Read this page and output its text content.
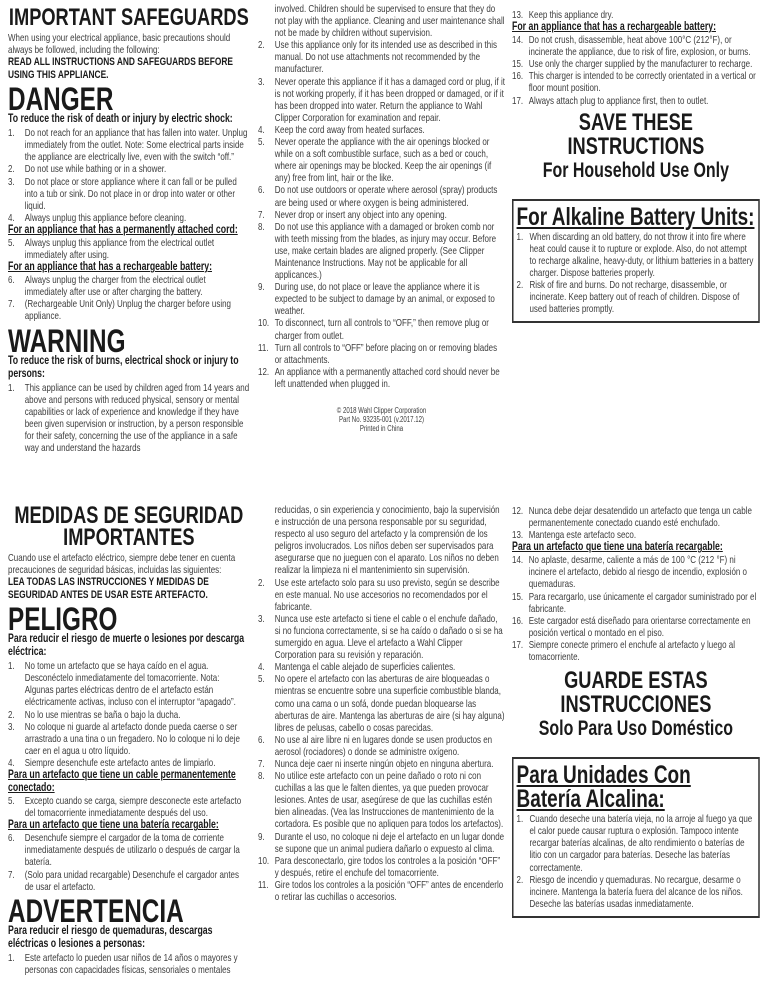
IMPORTANT SAFEGUARDS
When using your electrical appliance, basic precautions should always be followed, including the following:
READ ALL INSTRUCTIONS AND SAFEGUARDS BEFORE USING THIS APPLIANCE.
DANGER
To reduce the risk of death or injury by electric shock:
1. Do not reach for an appliance that has fallen into water. Unplug immediately from the outlet. Note: Some electrical parts inside the appliance are electrically live, even with the switch “off.”
2. Do not use while bathing or in a shower.
3. Do not place or store appliance where it can fall or be pulled into a tub or sink. Do not place in or drop into water or other liquid.
4. Always unplug this appliance before cleaning.
For an appliance that has a permanently attached cord:
5. Always unplug this appliance from the electrical outlet immediately after using.
For an appliance that has a rechargeable battery:
6. Always unplug the charger from the electrical outlet immediately after use or after charging the battery.
7. (Rechargeable Unit Only) Unplug the charger before using appliance.
WARNING
To reduce the risk of burns, electrical shock or injury to persons:
1. This appliance can be used by children aged from 14 years and above and persons with reduced physical, sensory or mental capabilities or lack of experience and knowledge if they have been given supervision or instruction, by a person responsible for their safety, concerning the use of the appliance in a safe way and understand the hazards
involved. Children should be supervised to ensure that they do not play with the appliance. Cleaning and user maintenance shall not be made by children without supervision.
2. Use this appliance only for its intended use as described in this manual. Do not use attachments not recommended by the manufacturer.
3. Never operate this appliance if it has a damaged cord or plug, if it is not working properly, if it has been dropped or damaged, or if it has been dropped into water. Return the appliance to Wahl Clipper Corporation for examination and repair.
4. Keep the cord away from heated surfaces.
5. Never operate the appliance with the air openings blocked or while on a soft combustible surface, such as a bed or couch, where air openings may be blocked. Keep the air openings (if any) free from lint, hair or the like.
6. Do not use outdoors or operate where aerosol (spray) products are being used or where oxygen is being administered.
7. Never drop or insert any object into any opening.
8. Do not use this appliance with a damaged or broken comb nor with teeth missing from the blades, as injury may occur. Before use, make certain blades are aligned properly. (See Clipper Maintenance Instructions. May not be applicable for all applicances.)
9. During use, do not place or leave the appliance where it is expected to be subject to damage by an animal, or exposed to weather.
10. To disconnect, turn all controls to “OFF,” then remove plug or charger from outlet.
11. Turn all controls to “OFF” before placing on or removing blades or attachments.
12. An appliance with a permanently attached cord should never be left unattended when plugged in.
© 2018 Wahl Clipper Corporation
Part No. 93235-001 (v.2017.12)
Printed in China
13. Keep this appliance dry.
For an appliance that has a rechargeable battery:
14. Do not crush, disassemble, heat above 100°C (212°F), or incinerate the appliance, due to risk of fire, explosion, or burns.
15. Use only the charger supplied by the manufacturer to recharge.
16. This charger is intended to be correctly orientated in a vertical or floor mount position.
17. Always attach plug to appliance first, then to outlet.
SAVE THESE INSTRUCTIONS
For Household Use Only
For Alkaline Battery Units:
1. When discarding an old battery, do not throw it into fire where heat could cause it to rupture or explode. Also, do not attempt to recharge alkaline, heavy-duty, or lithium batteries in a battery charger. Dispose batteries properly.
2. Risk of fire and burns. Do not recharge, disassemble, or incinerate. Keep battery out of reach of children. Dispose of used batteries promptly.
MEDIDAS DE SEGURIDAD IMPORTANTES
Cuando use el artefacto eléctrico, siempre debe tener en cuenta precauciones de seguridad básicas, incluidas las siguientes:
LEA TODAS LAS INSTRUCCIONES Y MEDIDAS DE SEGURIDAD ANTES DE USAR ESTE ARTEFACTO.
PELIGRO
Para reducir el riesgo de muerte o lesiones por descarga eléctrica:
1. No tome un artefacto que se haya caído en el agua. Desconéctelo inmediatamente del tomacorriente. Nota: Algunas partes eléctricas dentro de el artefacto están eléctricamente activas, incluso con el interruptor “apagado”.
2. No lo use mientras se baña o bajo la ducha.
3. No coloque ni guarde al artefacto donde pueda caerse o ser arrastrado a una tina o un fregadero. No lo coloque ni lo deje caer en el agua u otro líquido.
4. Siempre desenchufe este artefacto antes de limpiarlo.
Para un artefacto que tiene un cable permanentemente conectado:
5. Excepto cuando se carga, siempre desconecte este artefacto del tomacorriente inmediatamente después del uso.
Para un artefacto que tiene una batería recargable:
6. Desenchufe siempre el cargador de la toma de corriente inmediatamente después de utilizarlo o después de cargar la batería.
7. (Solo para unidad recargable) Desenchufe el cargador antes de usar el artefacto.
ADVERTENCIA
Para reducir el riesgo de quemaduras, descargas eléctricas o lesiones a personas:
1. Este artefacto lo pueden usar niños de 14 años o mayores y personas con capacidades físicas, sensoriales o mentales
reducidas, o sin experiencia y conocimiento, bajo la supervisión e instrucción de una persona responsable por su seguridad, respecto al uso seguro del artefacto y la comprensión de los peligros involucrados. Los niños deben ser supervisados para asegurarse que no jueguen con el aparato. Los niños no deben realizar la limpieza ni el mantenimiento sin supervisión.
2. Use este artefacto solo para su uso previsto, según se describe en este manual. No use accesorios no recomendados por el fabricante.
3. Nunca use este artefacto si tiene el cable o el enchufe dañado, si no funciona correctamente, si se ha caído o dañado o si se ha sumergido en agua. Lleve el artefacto a Wahl Clipper Corporation para su revisión y reparación.
4. Mantenga el cable alejado de superficies calientes.
5. No opere el artefacto con las aberturas de aire bloqueadas o mientras se encuentre sobre una superficie combustible blanda, como una cama o un sofá, donde puedan bloquearse las aberturas de aire. Mantenga las aberturas de aire (si hay alguna) libres de pelusas, cabello o cosas parecidas.
6. No use al aire libre ni en lugares donde se usen productos en aerosol (rociadores) o donde se administre oxígeno.
7. Nunca deje caer ni inserte ningún objeto en ninguna abertura.
8. No utilice este artefacto con un peine dañado o roto ni con cuchillas a las que le falten dientes, ya que pueden provocar lesiones. Antes de usar, asegúrese de que las cuchillas estén bien alineadas. (Vea las Instrucciones de mantenimiento de la cortadora. Es posible que no apliquen para todos los artefactos).
9. Durante el uso, no coloque ni deje el artefacto en un lugar donde se supone que un animal pudiera dañarlo o expuesto al clima.
10. Para desconectarlo, gire todos los controles a la posición “OFF” y después, retire el enchufe del tomacorriente.
11. Gire todos los controles a la posición “OFF” antes de encenderlo o retirar las cuchillas o accesorios.
12. Nunca debe dejar desatendido un artefacto que tenga un cable permanentemente conectado cuando esté enchufado.
13. Mantenga este artefacto seco.
Para un artefacto que tiene una batería recargable:
14. No aplaste, desarme, caliente a más de 100 °C (212 °F) ni incinere el artefacto, debido al riesgo de incendio, explosión o quemaduras.
15. Para recargarlo, use únicamente el cargador suministrado por el fabricante.
16. Este cargador está diseñado para orientarse correctamente en posición vertical o montado en el piso.
17. Siempre conecte primero el enchufe al artefacto y luego al tomacorriente.
GUARDE ESTAS INSTRUCCIONES
Solo Para Uso Doméstico
Para Unidades Con Batería Alcalina:
1. Cuando deseche una batería vieja, no la arroje al fuego ya que el calor puede causar ruptura o explosión. Tampoco intente recargar baterías alcalinas, de alto rendimiento o baterías de litio con un cargador para baterías. Deseche las baterías correctamente.
2. Riesgo de incendio y quemaduras. No recargue, desarme o incinere. Mantenga la batería fuera del alcance de los niños. Deseche las baterías usadas inmediatamente.
